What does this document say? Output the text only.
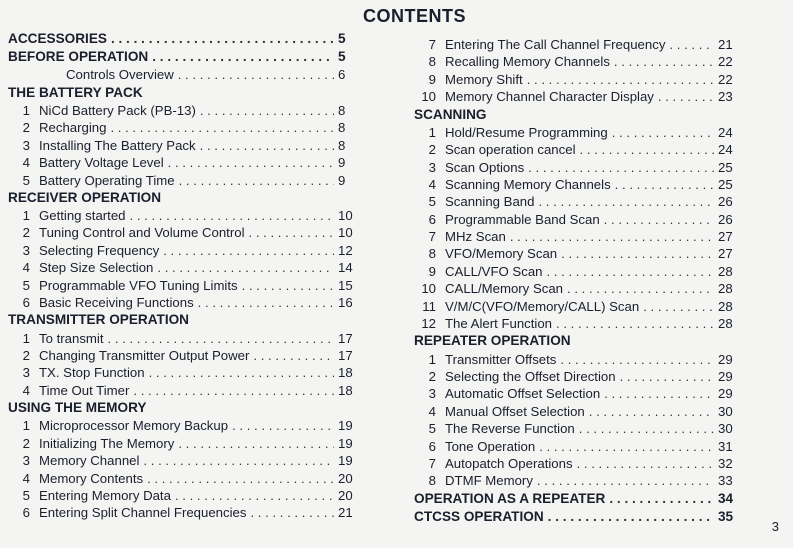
CONTENTS
ACCESSORIES . . .	5
BEFORE OPERATION . . .	5
Controls Overview . . .	6
THE BATTERY PACK
1 NiCd Battery Pack (PB-13) . . .	8
2 Recharging . . .	8
3 Installing The Battery Pack . . .	8
4 Battery Voltage Level . . .	9
5 Battery Operating Time . . .	9
RECEIVER OPERATION
1 Getting started . . .	10
2 Tuning Control and Volume Control . . .	10
3 Selecting Frequency . . .	12
4 Step Size Selection . . .	14
5 Programmable VFO Tuning Limits . . .	15
6 Basic Receiving Functions . . .	16
TRANSMITTER OPERATION
1 To transmit . . .	17
2 Changing Transmitter Output Power . . .	17
3 TX. Stop Function . . .	18
4 Time Out Timer . . .	18
USING THE MEMORY
1 Microprocessor Memory Backup . . .	19
2 Initializing The Memory . . .	19
3 Memory Channel . . .	19
4 Memory Contents . . .	20
5 Entering Memory Data . . .	20
6 Entering Split Channel Frequencies . . .	21
7 Entering The Call Channel Frequency . . .	21
8 Recalling Memory Channels . . .	22
9 Memory Shift . . .	22
10 Memory Channel Character Display . . .	23
SCANNING
1 Hold/Resume Programming . . .	24
2 Scan operation cancel . . .	24
3 Scan Options . . .	25
4 Scanning Memory Channels . . .	25
5 Scanning Band . . .	26
6 Programmable Band Scan . . .	26
7 MHz Scan . . .	27
8 VFO/Memory Scan . . .	27
9 CALL/VFO Scan . . .	28
10 CALL/Memory Scan . . .	28
11 V/M/C(VFO/Memory/CALL) Scan . . .	28
12 The Alert Function . . .	28
REPEATER OPERATION
1 Transmitter Offsets . . .	29
2 Selecting the Offset Direction . . .	29
3 Automatic Offset Selection . . .	29
4 Manual Offset Selection . . .	30
5 The Reverse Function . . .	30
6 Tone Operation . . .	31
7 Autopatch Operations . . .	32
8 DTMF Memory . . .	33
OPERATION AS A REPEATER . . .	34
CTCSS OPERATION . . .	35
3
